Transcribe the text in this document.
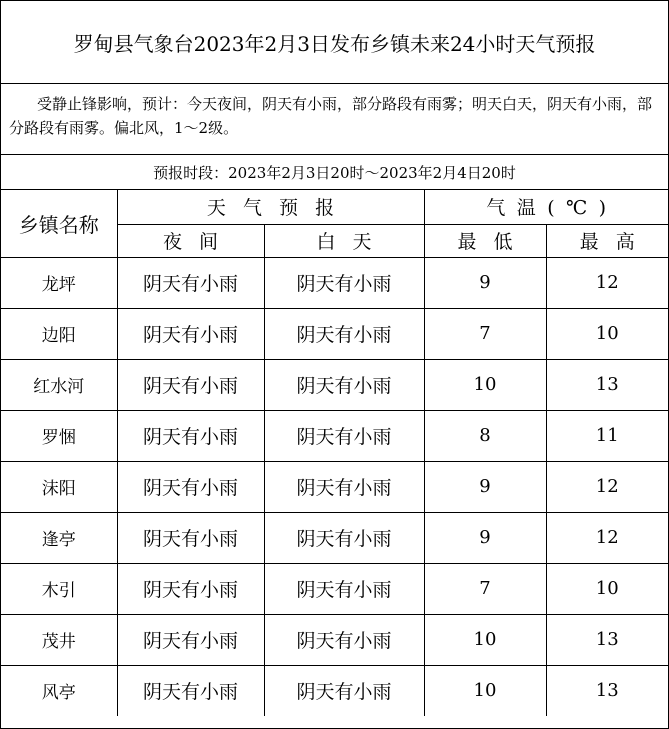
罗甸县气象台2023年2月3日发布乡镇未来24小时天气预报
受静止锋影响，预计：今天夜间，阴天有小雨，部分路段有雨雾；明天白天，阴天有小雨，部分路段有雨雾。偏北风，1～2级。
预报时段：2023年2月3日20时～2023年2月4日20时
乡镇名称	天气预报		气温(℃)	
	夜间	白天	最低	最高
龙坪	阴天有小雨	阴天有小雨	9	12
边阳	阴天有小雨	阴天有小雨	7	10
红水河	阴天有小雨	阴天有小雨	10	13
罗悃	阴天有小雨	阴天有小雨	8	11
沫阳	阴天有小雨	阴天有小雨	9	12
逢亭	阴天有小雨	阴天有小雨	9	12
木引	阴天有小雨	阴天有小雨	7	10
茂井	阴天有小雨	阴天有小雨	10	13
风亭	阴天有小雨	阴天有小雨	10	13
